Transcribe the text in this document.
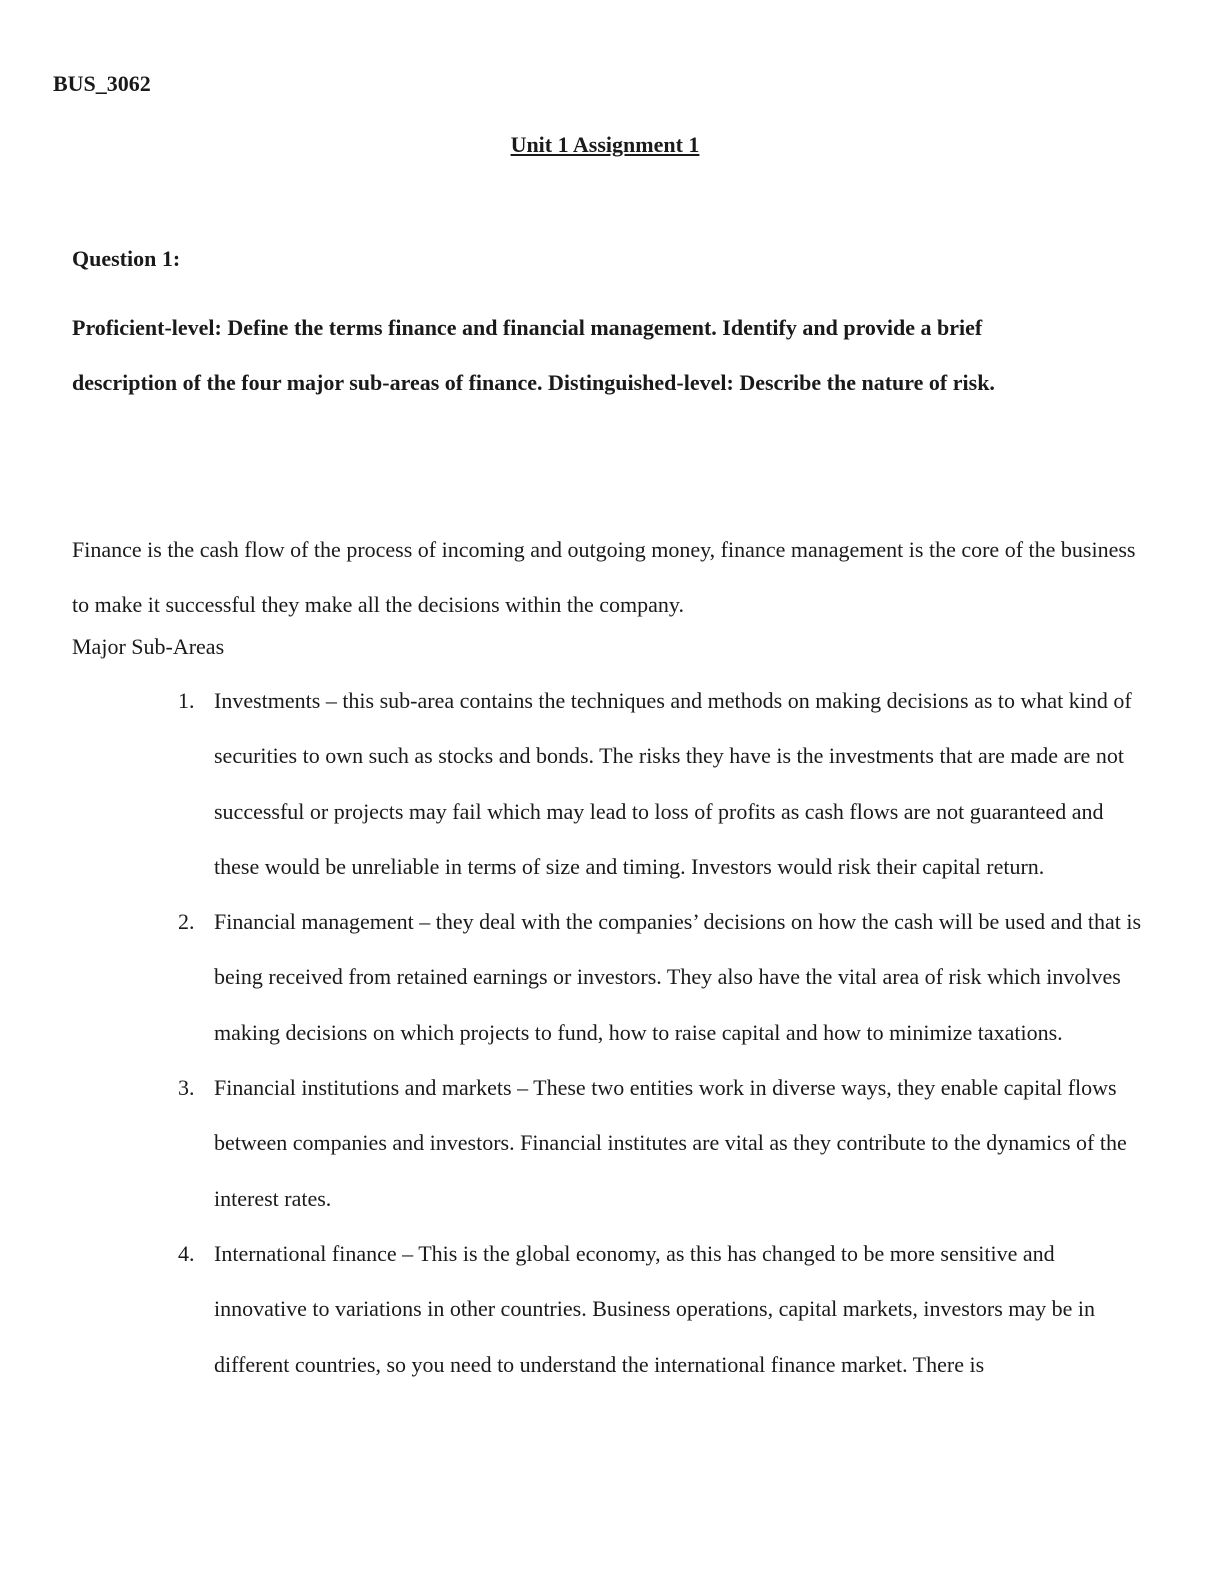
BUS_3062
Unit 1 Assignment 1
Question 1:

Proficient-level: Define the terms finance and financial management. Identify and provide a brief description of the four major sub-areas of finance. Distinguished-level: Describe the nature of risk.

Finance is the cash flow of the process of incoming and outgoing money, finance management is the core of the business to make it successful they make all the decisions within the company.

Major Sub-Areas
1. Investments – this sub-area contains the techniques and methods on making decisions as to what kind of securities to own such as stocks and bonds. The risks they have is the investments that are made are not successful or projects may fail which may lead to loss of profits as cash flows are not guaranteed and these would be unreliable in terms of size and timing. Investors would risk their capital return.
2. Financial management – they deal with the companies’ decisions on how the cash will be used and that is being received from retained earnings or investors. They also have the vital area of risk which involves making decisions on which projects to fund, how to raise capital and how to minimize taxations.
3. Financial institutions and markets – These two entities work in diverse ways, they enable capital flows between companies and investors. Financial institutes are vital as they contribute to the dynamics of the interest rates.
4. International finance – This is the global economy, as this has changed to be more sensitive and innovative to variations in other countries. Business operations, capital markets, investors may be in different countries, so you need to understand the international finance market. There is
